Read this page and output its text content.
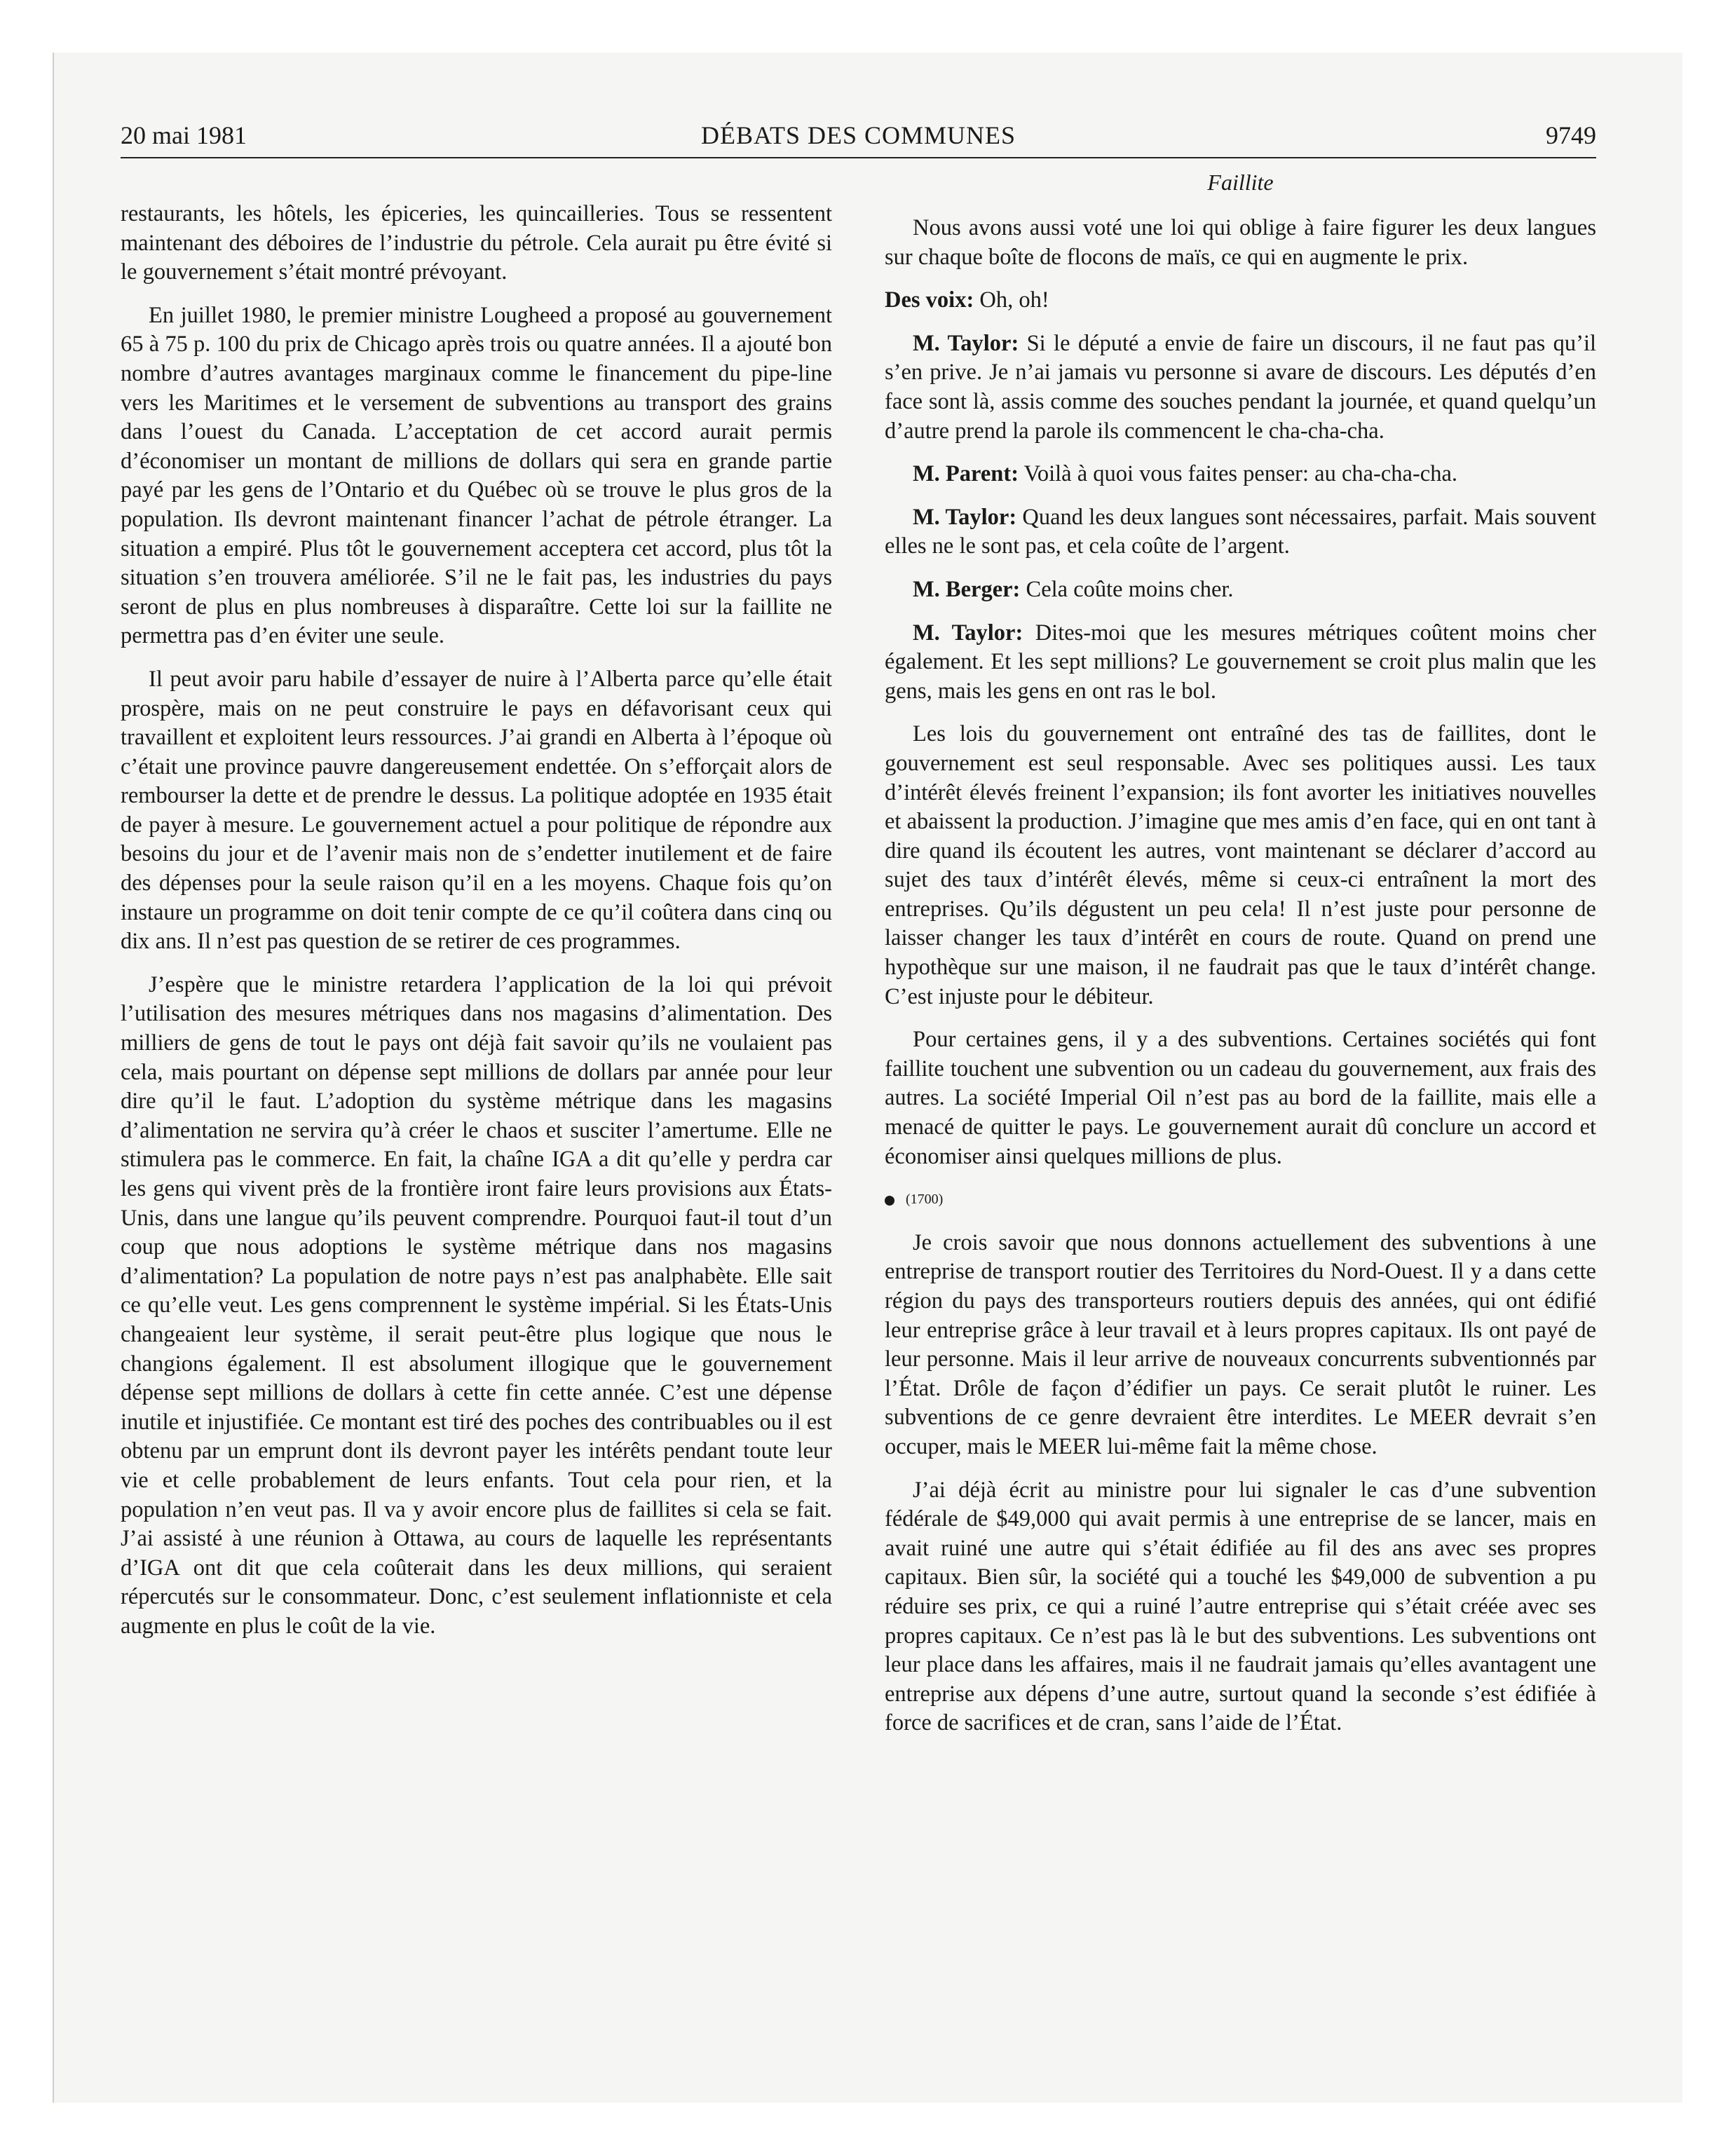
20 mai 1981	DÉBATS DES COMMUNES	9749
Faillite

restaurants, les hôtels, les épiceries, les quincailleries. Tous se ressentent maintenant des déboires de l’industrie du pétrole. Cela aurait pu être évité si le gouvernement s’était montré prévoyant.

En juillet 1980, le premier ministre Lougheed a proposé au gouvernement 65 à 75 p. 100 du prix de Chicago après trois ou quatre années. Il a ajouté bon nombre d’autres avantages marginaux comme le financement du pipe-line vers les Maritimes et le versement de subventions au transport des grains dans l’ouest du Canada. L’acceptation de cet accord aurait permis d’économiser un montant de millions de dollars qui sera en grande partie payé par les gens de l’Ontario et du Québec où se trouve le plus gros de la population. Ils devront maintenant financer l’achat de pétrole étranger. La situation a empiré. Plus tôt le gouvernement acceptera cet accord, plus tôt la situation s’en trouvera améliorée. S’il ne le fait pas, les industries du pays seront de plus en plus nombreuses à disparaître. Cette loi sur la faillite ne permettra pas d’en éviter une seule.

Il peut avoir paru habile d’essayer de nuire à l’Alberta parce qu’elle était prospère, mais on ne peut construire le pays en défavorisant ceux qui travaillent et exploitent leurs ressources. J’ai grandi en Alberta à l’époque où c’était une province pauvre dangereusement endettée. On s’efforçait alors de rembourser la dette et de prendre le dessus. La politique adoptée en 1935 était de payer à mesure. Le gouvernement actuel a pour politique de répondre aux besoins du jour et de l’avenir mais non de s’endetter inutilement et de faire des dépenses pour la seule raison qu’il en a les moyens. Chaque fois qu’on instaure un programme on doit tenir compte de ce qu’il coûtera dans cinq ou dix ans. Il n’est pas question de se retirer de ces programmes.

J’espère que le ministre retardera l’application de la loi qui prévoit l’utilisation des mesures métriques dans nos magasins d’alimentation. Des milliers de gens de tout le pays ont déjà fait savoir qu’ils ne voulaient pas cela, mais pourtant on dépense sept millions de dollars par année pour leur dire qu’il le faut. L’adoption du système métrique dans les magasins d’alimentation ne servira qu’à créer le chaos et susciter l’amertume. Elle ne stimulera pas le commerce. En fait, la chaîne IGA a dit qu’elle y perdra car les gens qui vivent près de la frontière iront faire leurs provisions aux États-Unis, dans une langue qu’ils peuvent comprendre. Pourquoi faut-il tout d’un coup que nous adoptions le système métrique dans nos magasins d’alimentation? La population de notre pays n’est pas analphabète. Elle sait ce qu’elle veut. Les gens comprennent le système impérial. Si les États-Unis changeaient leur système, il serait peut-être plus logique que nous le changions également. Il est absolument illogique que le gouvernement dépense sept millions de dollars à cette fin cette année. C’est une dépense inutile et injustifiée. Ce montant est tiré des poches des contribuables ou il est obtenu par un emprunt dont ils devront payer les intérêts pendant toute leur vie et celle probablement de leurs enfants. Tout cela pour rien, et la population n’en veut pas. Il va y avoir encore plus de faillites si cela se fait. J’ai assisté à une réunion à Ottawa, au cours de laquelle les représentants d’IGA ont dit que cela coûterait dans les deux millions, qui seraient répercutés sur le consommateur. Donc, c’est seulement inflationniste et cela augmente en plus le coût de la vie.

Nous avons aussi voté une loi qui oblige à faire figurer les deux langues sur chaque boîte de flocons de maïs, ce qui en augmente le prix.

Des voix: Oh, oh!

M. Taylor: Si le député a envie de faire un discours, il ne faut pas qu’il s’en prive. Je n’ai jamais vu personne si avare de discours. Les députés d’en face sont là, assis comme des souches pendant la journée, et quand quelqu’un d’autre prend la parole ils commencent le cha-cha-cha.

M. Parent: Voilà à quoi vous faites penser: au cha-cha-cha.

M. Taylor: Quand les deux langues sont nécessaires, parfait. Mais souvent elles ne le sont pas, et cela coûte de l’argent.

M. Berger: Cela coûte moins cher.

M. Taylor: Dites-moi que les mesures métriques coûtent moins cher également. Et les sept millions? Le gouvernement se croit plus malin que les gens, mais les gens en ont ras le bol.

Les lois du gouvernement ont entraîné des tas de faillites, dont le gouvernement est seul responsable. Avec ses politiques aussi. Les taux d’intérêt élevés freinent l’expansion; ils font avorter les initiatives nouvelles et abaissent la production. J’imagine que mes amis d’en face, qui en ont tant à dire quand ils écoutent les autres, vont maintenant se déclarer d’accord au sujet des taux d’intérêt élevés, même si ceux-ci entraînent la mort des entreprises. Qu’ils dégustent un peu cela! Il n’est juste pour personne de laisser changer les taux d’intérêt en cours de route. Quand on prend une hypothèque sur une maison, il ne faudrait pas que le taux d’intérêt change. C’est injuste pour le débiteur.

Pour certaines gens, il y a des subventions. Certaines sociétés qui font faillite touchent une subvention ou un cadeau du gouvernement, aux frais des autres. La société Imperial Oil n’est pas au bord de la faillite, mais elle a menacé de quitter le pays. Le gouvernement aurait dû conclure un accord et économiser ainsi quelques millions de plus.

(1700)

Je crois savoir que nous donnons actuellement des subventions à une entreprise de transport routier des Territoires du Nord-Ouest. Il y a dans cette région du pays des transporteurs routiers depuis des années, qui ont édifié leur entreprise grâce à leur travail et à leurs propres capitaux. Ils ont payé de leur personne. Mais il leur arrive de nouveaux concurrents subventionnés par l’État. Drôle de façon d’édifier un pays. Ce serait plutôt le ruiner. Les subventions de ce genre devraient être interdites. Le MEER devrait s’en occuper, mais le MEER lui-même fait la même chose.

J’ai déjà écrit au ministre pour lui signaler le cas d’une subvention fédérale de $49,000 qui avait permis à une entreprise de se lancer, mais en avait ruiné une autre qui s’était édifiée au fil des ans avec ses propres capitaux. Bien sûr, la société qui a touché les $49,000 de subvention a pu réduire ses prix, ce qui a ruiné l’autre entreprise qui s’était créée avec ses propres capitaux. Ce n’est pas là le but des subventions. Les subventions ont leur place dans les affaires, mais il ne faudrait jamais qu’elles avantagent une entreprise aux dépens d’une autre, surtout quand la seconde s’est édifiée à force de sacrifices et de cran, sans l’aide de l’État.
